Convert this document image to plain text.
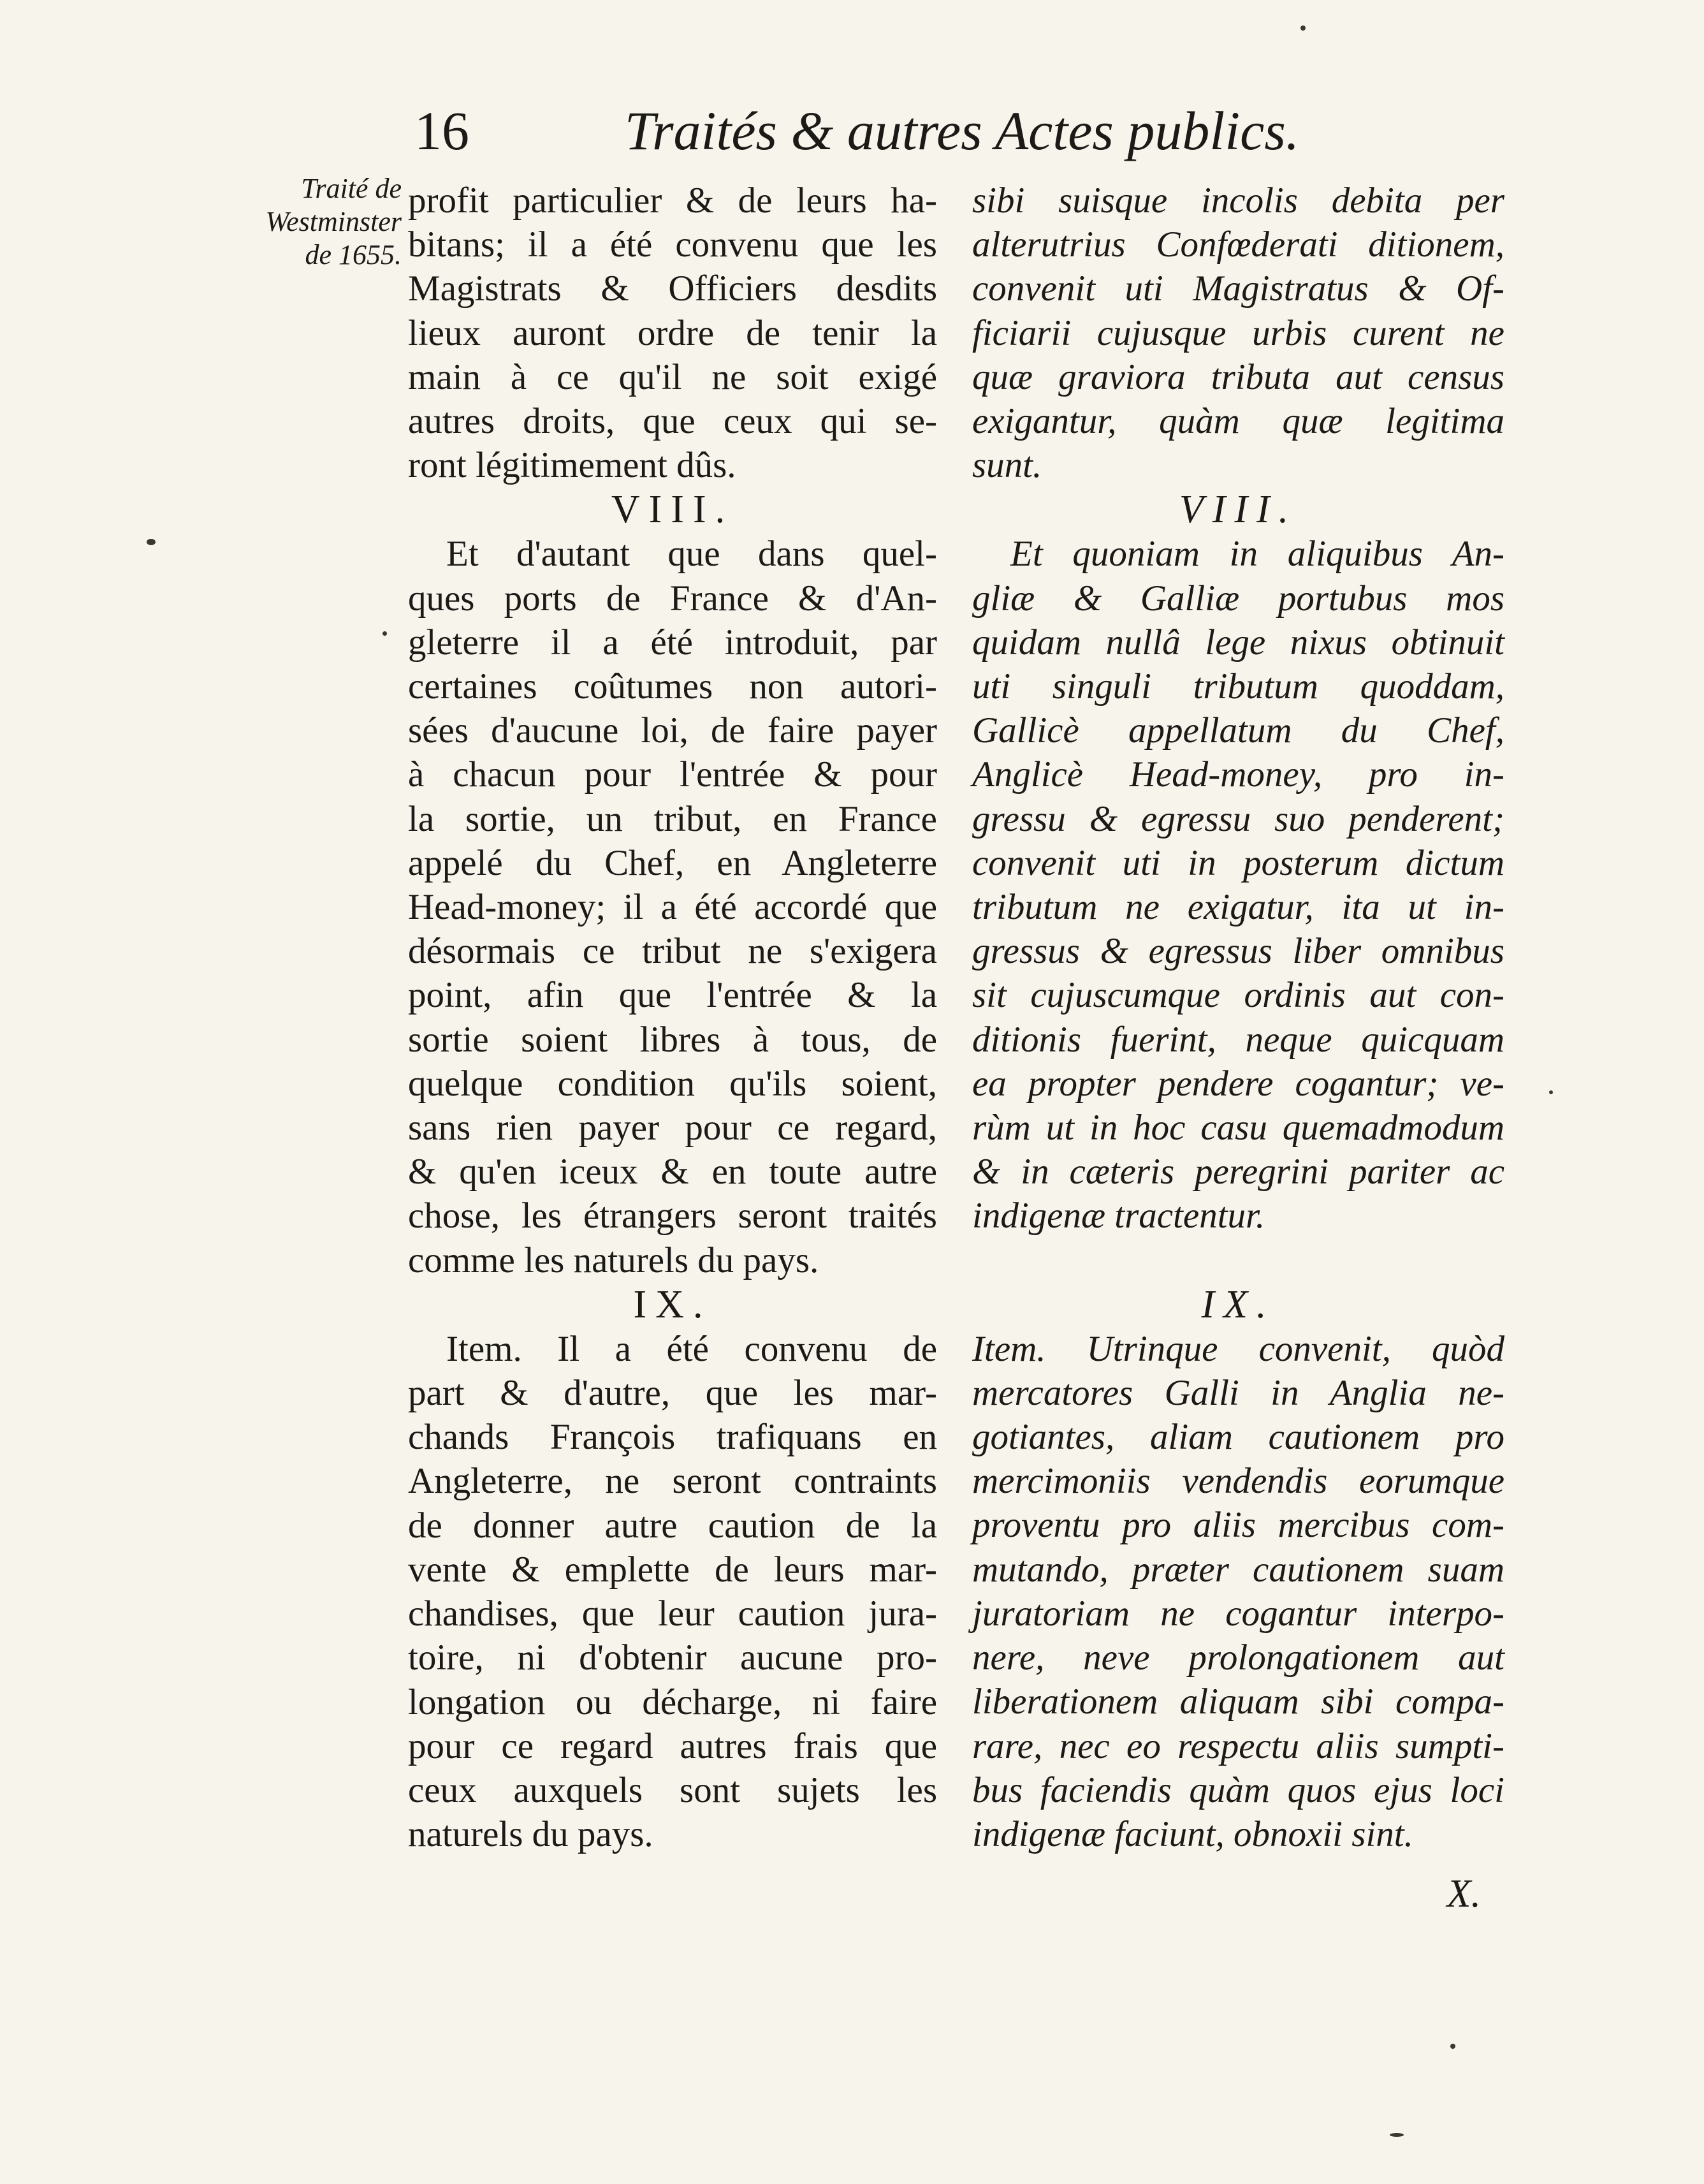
16	Traités & autres Actes publics.
Traité de
Westminster
de 1655.
profit particulier & de leurs ha-
bitans; il a été convenu que les
Magistrats & Officiers desdits
lieux auront ordre de tenir la
main à ce qu'il ne soit exigé
autres droits, que ceux qui se-
ront légitimement dûs.
VIII.
Et d'autant que dans quel-
ques ports de France & d'An-
gleterre il a été introduit, par
certaines coûtumes non autori-
sées d'aucune loi, de faire payer
à chacun pour l'entrée & pour
la sortie, un tribut, en France
appelé du Chef, en Angleterre
Head-money; il a été accordé que
désormais ce tribut ne s'exigera
point, afin que l'entrée & la
sortie soient libres à tous, de
quelque condition qu'ils soient,
sans rien payer pour ce regard,
& qu'en iceux & en toute autre
chose, les étrangers seront traités
comme les naturels du pays.
IX.
Item. Il a été convenu de
part & d'autre, que les mar-
chands François trafiquans en
Angleterre, ne seront contraints
de donner autre caution de la
vente & emplette de leurs mar-
chandises, que leur caution jura-
toire, ni d'obtenir aucune pro-
longation ou décharge, ni faire
pour ce regard autres frais que
ceux auxquels sont sujets les
naturels du pays.
sibi suisque incolis debita per
alterutrius Confœderati ditionem,
convenit uti Magistratus & Of-
ficiarii cujusque urbis curent ne
quæ graviora tributa aut census
exigantur, quàm quæ legitima
sunt.
VIII.
Et quoniam in aliquibus An-
gliæ & Galliæ portubus mos
quidam nullâ lege nixus obtinuit
uti singuli tributum quoddam,
Gallicè appellatum du Chef,
Anglicè Head-money, pro in-
gressu & egressu suo penderent;
convenit uti in posterum dictum
tributum ne exigatur, ita ut in-
gressus & egressus liber omnibus
sit cujuscumque ordinis aut con-
ditionis fuerint, neque quicquam
ea propter pendere cogantur; ve-
rùm ut in hoc casu quemadmodum
& in cæteris peregrini pariter ac
indigenæ tractentur.
IX.
Item. Utrinque convenit, quòd
mercatores Galli in Anglia ne-
gotiantes, aliam cautionem pro
mercimoniis vendendis eorumque
proventu pro aliis mercibus com-
mutando, præter cautionem suam
juratoriam ne cogantur interpo-
nere, neve prolongationem aut
liberationem aliquam sibi compa-
rare, nec eo respectu aliis sumpti-
bus faciendis quàm quos ejus loci
indigenæ faciunt, obnoxii sint.
X.
